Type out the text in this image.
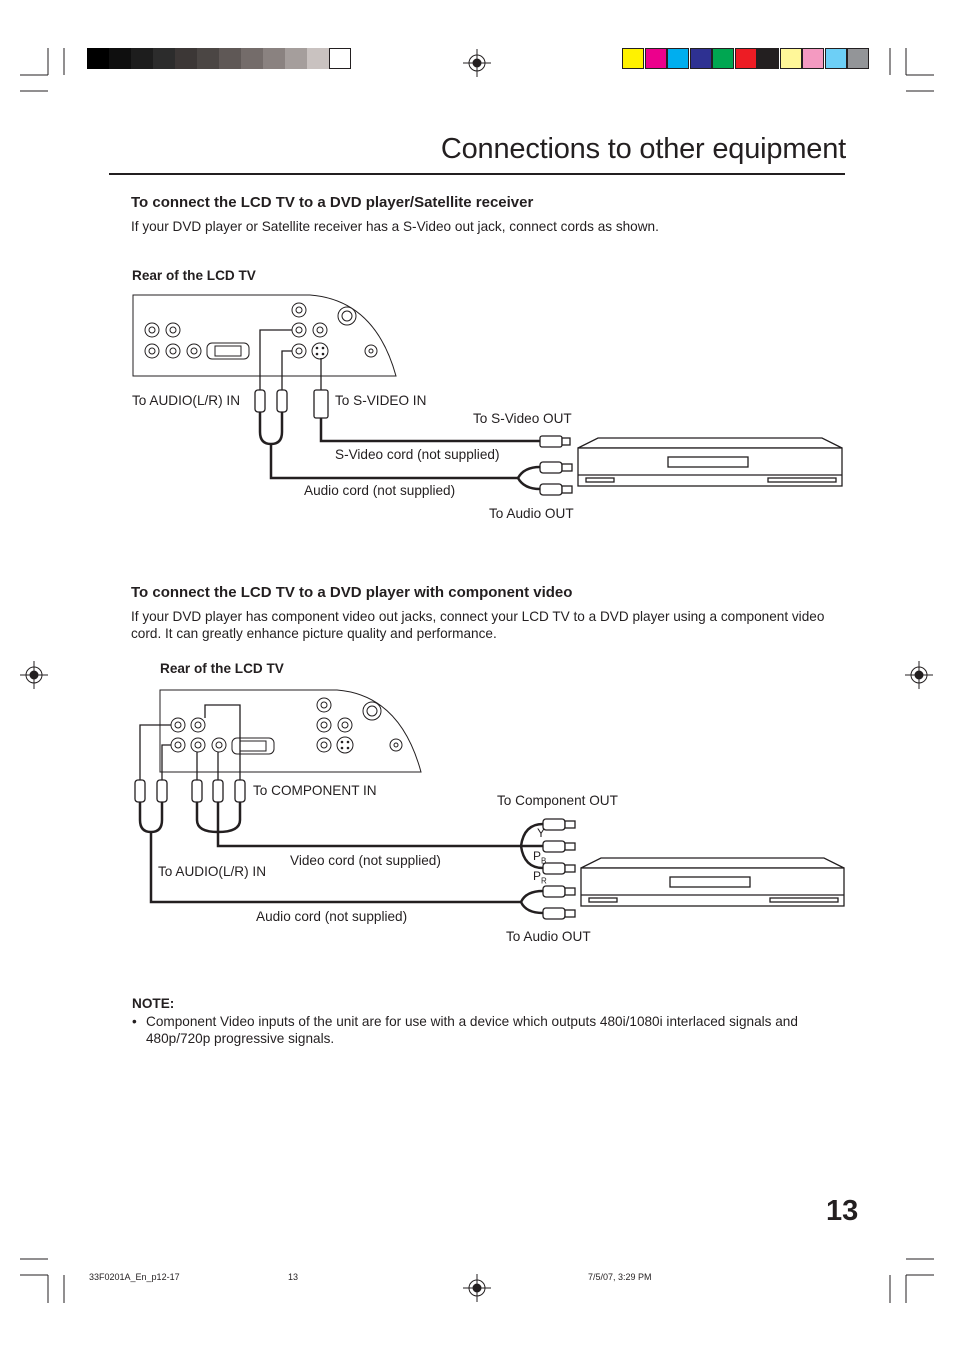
Connections to other equipment
To connect the LCD TV to a DVD player/Satellite receiver
If your DVD player or Satellite receiver has a S-Video out jack, connect cords as shown.
Rear of the LCD TV
To AUDIO(L/R) IN	To S-VIDEO IN
To S-Video OUT
S-Video cord (not supplied)
Audio cord (not supplied)
To Audio OUT
To connect the LCD TV to a DVD player with component video
If your DVD player has component video out jacks, connect your LCD TV to a DVD player using a component video cord. It can greatly enhance picture quality and performance.
Rear of the LCD TV
To COMPONENT IN
To Component OUT
Y
$P_B$
$P_R$
Video cord (not supplied)
To AUDIO(L/R) IN
Audio cord (not supplied)
To Audio OUT
NOTE:
• Component Video inputs of the unit are for use with a device which outputs 480i/1080i interlaced signals and 480p/720p progressive signals.
13
33F0201A_En_p12-17	13	7/5/07, 3:29 PM
